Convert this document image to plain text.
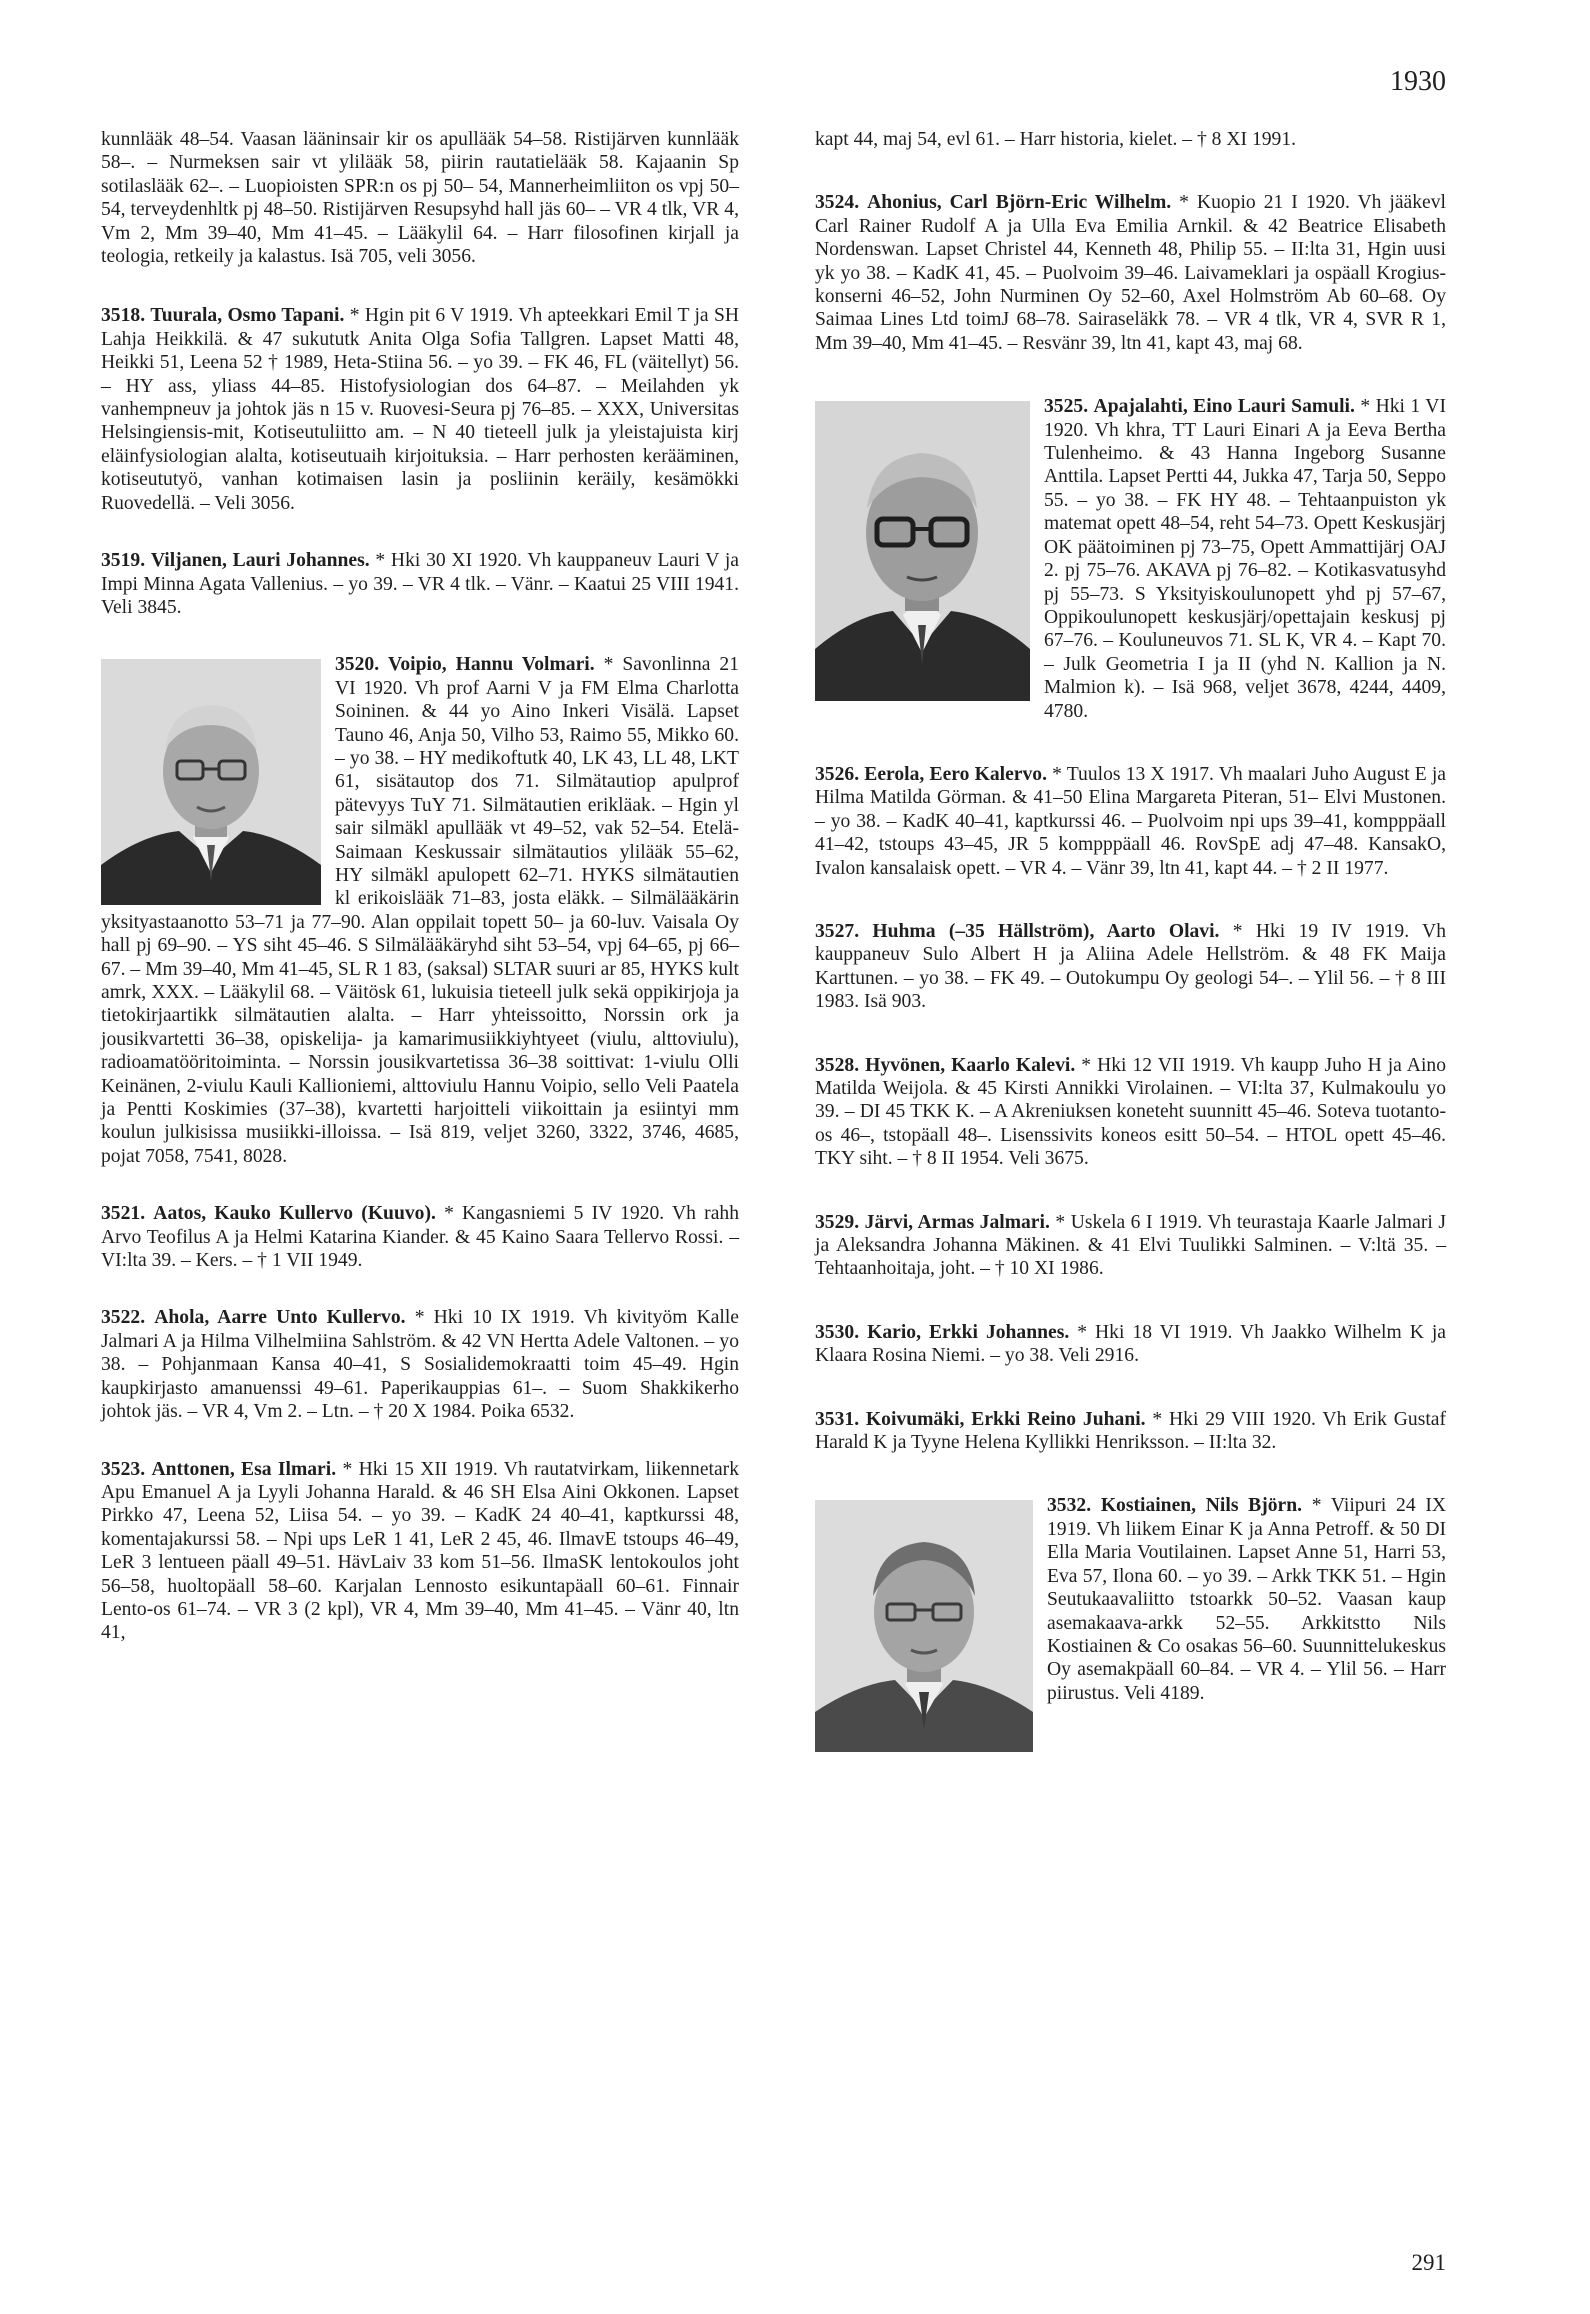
1930
kunnlääk 48–54. Vaasan lääninsair kir os apullääk 54–58. Ristijärven kunnlääk 58–. – Nurmeksen sair vt ylilääk 58, piirin rautatielääk 58. Kajaanin Sp sotilaslääk 62–. – Luopioisten SPR:n os pj 50– 54, Mannerheimliiton os vpj 50–54, terveydenhltk pj 48–50. Ristijärven Resupsyhd hall jäs 60– – VR 4 tlk, VR 4, Vm 2, Mm 39–40, Mm 41–45. – Lääkylil 64. – Harr filosofinen kirjall ja teologia, retkeily ja kalastus. Isä 705, veli 3056.
3518. Tuurala, Osmo Tapani. * Hgin pit 6 V 1919. Vh apteekkari Emil T ja SH Lahja Heikkilä. & 47 sukututk Anita Olga Sofia Tallgren. Lapset Matti 48, Heikki 51, Leena 52 † 1989, Heta-Stiina 56. – yo 39. – FK 46, FL (väitellyt) 56. – HY ass, yliass 44–85. Histofysiologian dos 64–87. – Meilahden yk vanhempneuv ja johtok jäs n 15 v. Ruovesi-Seura pj 76–85. – XXX, Universitas Helsingiensis-mit, Kotiseutuliitto am. – N 40 tieteell julk ja yleistajuista kirj eläinfysiologian alalta, kotiseutuaih kirjoituksia. – Harr perhosten kerääminen, kotiseututyö, vanhan kotimaisen lasin ja posliinin keräily, kesämökki Ruovedellä. – Veli 3056.
3519. Viljanen, Lauri Johannes. * Hki 30 XI 1920. Vh kauppaneuv Lauri V ja Impi Minna Agata Vallenius. – yo 39. – VR 4 tlk. – Vänr. – Kaatui 25 VIII 1941. Veli 3845.
3520. Voipio, Hannu Volmari. * Savonlinna 21 VI 1920. Vh prof Aarni V ja FM Elma Charlotta Soininen. & 44 yo Aino Inkeri Visälä. Lapset Tauno 46, Anja 50, Vilho 53, Raimo 55, Mikko 60. – yo 38. – HY medikoftutk 40, LK 43, LL 48, LKT 61, sisätautop dos 71. Silmätautiop apulprof pätevyys TuY 71. Silmätautien erikläak. – Hgin yl sair silmäkl apullääk vt 49–52, vak 52–54. Etelä-Saimaan Keskussair silmätautios ylilääk 55–62, HY silmäkl apulopett 62–71. HYKS silmätautien kl erikoislääk 71–83, josta eläkk. – Silmälääkärin yksityastaanotto 53–71 ja 77–90. Alan oppilait topett 50– ja 60-luv. Vaisala Oy hall pj 69–90. – YS siht 45–46. S Silmälääkäryhd siht 53–54, vpj 64–65, pj 66–67. – Mm 39–40, Mm 41–45, SL R 1 83, (saksal) SLTAR suuri ar 85, HYKS kult amrk, XXX. – Lääkylil 68. – Väitösk 61, lukuisia tieteell julk sekä oppikirjoja ja tietokirjaartikk silmätautien alalta. – Harr yhteissoitto, Norssin ork ja jousikvartetti 36–38, opiskelija- ja kamarimusiikkiyhtyeet (viulu, alttoviulu), radioamatööritoiminta. – Norssin jousikvartetissa 36–38 soittivat: 1-viulu Olli Keinänen, 2-viulu Kauli Kallioniemi, alttoviulu Hannu Voipio, sello Veli Paatela ja Pentti Koskimies (37–38), kvartetti harjoitteli viikoittain ja esiintyi mm koulun julkisissa musiikki-illoissa. – Isä 819, veljet 3260, 3322, 3746, 4685, pojat 7058, 7541, 8028.
3521. Aatos, Kauko Kullervo (Kuuvo). * Kangasniemi 5 IV 1920. Vh rahh Arvo Teofilus A ja Helmi Katarina Kiander. & 45 Kaino Saara Tellervo Rossi. – VI:lta 39. – Kers. – † 1 VII 1949.
3522. Ahola, Aarre Unto Kullervo. * Hki 10 IX 1919. Vh kivityöm Kalle Jalmari A ja Hilma Vilhelmiina Sahlström. & 42 VN Hertta Adele Valtonen. – yo 38. – Pohjanmaan Kansa 40–41, S Sosialidemokraatti toim 45–49. Hgin kaupkirjasto amanuenssi 49–61. Paperikauppias 61–. – Suom Shakkikerho johtok jäs. – VR 4, Vm 2. – Ltn. – † 20 X 1984. Poika 6532.
3523. Anttonen, Esa Ilmari. * Hki 15 XII 1919. Vh rautatvirkam, liikennetark Apu Emanuel A ja Lyyli Johanna Harald. & 46 SH Elsa Aini Okkonen. Lapset Pirkko 47, Leena 52, Liisa 54. – yo 39. – KadK 24 40–41, kaptkurssi 48, komentajakurssi 58. – Npi ups LeR 1 41, LeR 2 45, 46. IlmavE tstoups 46–49, LeR 3 lentueen päall 49–51. HävLaiv 33 kom 51–56. IlmaSK lentokoulos joht 56–58, huoltopäall 58–60. Karjalan Lennosto esikuntapäall 60–61. Finnair Lento-os 61–74. – VR 3 (2 kpl), VR 4, Mm 39–40, Mm 41–45. – Vänr 40, ltn 41,
kapt 44, maj 54, evl 61. – Harr historia, kielet. – † 8 XI 1991.
3524. Ahonius, Carl Björn-Eric Wilhelm. * Kuopio 21 I 1920. Vh jääkevl Carl Rainer Rudolf A ja Ulla Eva Emilia Arnkil. & 42 Beatrice Elisabeth Nordenswan. Lapset Christel 44, Kenneth 48, Philip 55. – II:lta 31, Hgin uusi yk yo 38. – KadK 41, 45. – Puolvoim 39–46. Laivameklari ja ospäall Krogius-konserni 46–52, John Nurminen Oy 52–60, Axel Holmström Ab 60–68. Oy Saimaa Lines Ltd toimJ 68–78. Sairaseläkk 78. – VR 4 tlk, VR 4, SVR R 1, Mm 39–40, Mm 41–45. – Resvänr 39, ltn 41, kapt 43, maj 68.
3525. Apajalahti, Eino Lauri Samuli. * Hki 1 VI 1920. Vh khra, TT Lauri Einari A ja Eeva Bertha Tulenheimo. & 43 Hanna Ingeborg Susanne Anttila. Lapset Pertti 44, Jukka 47, Tarja 50, Seppo 55. – yo 38. – FK HY 48. – Tehtaanpuiston yk matemat opett 48–54, reht 54–73. Opett Keskusjärj OK päätoiminen pj 73–75, Opett Ammattijärj OAJ 2. pj 75–76. AKAVA pj 76–82. – Kotikasvatusyhd pj 55–73. S Yksityiskoulunopett yhd pj 57–67, Oppikoulunopett keskusjärj/opettajain keskusj pj 67–76. – Kouluneuvos 71. SL K, VR 4. – Kapt 70. – Julk Geometria I ja II (yhd N. Kallion ja N. Malmion k). – Isä 968, veljet 3678, 4244, 4409, 4780.
3526. Eerola, Eero Kalervo. * Tuulos 13 X 1917. Vh maalari Juho August E ja Hilma Matilda Görman. & 41–50 Elina Margareta Piteran, 51– Elvi Mustonen. – yo 38. – KadK 40–41, kaptkurssi 46. – Puolvoim npi ups 39–41, kompppäall 41–42, tstoups 43–45, JR 5 kompppäall 46. RovSpE adj 47–48. KansakO, Ivalon kansalaisk opett. – VR 4. – Vänr 39, ltn 41, kapt 44. – † 2 II 1977.
3527. Huhma (–35 Hällström), Aarto Olavi. * Hki 19 IV 1919. Vh kauppaneuv Sulo Albert H ja Aliina Adele Hellström. & 48 FK Maija Karttunen. – yo 38. – FK 49. – Outokumpu Oy geologi 54–. – Ylil 56. – † 8 III 1983. Isä 903.
3528. Hyvönen, Kaarlo Kalevi. * Hki 12 VII 1919. Vh kaupp Juho H ja Aino Matilda Weijola. & 45 Kirsti Annikki Virolainen. – VI:lta 37, Kulmakoulu yo 39. – DI 45 TKK K. – A Akreniuksen koneteht suunnitt 45–46. Soteva tuotanto-os 46–, tstopäall 48–. Lisenssivits koneos esitt 50–54. – HTOL opett 45–46. TKY siht. – † 8 II 1954. Veli 3675.
3529. Järvi, Armas Jalmari. * Uskela 6 I 1919. Vh teurastaja Kaarle Jalmari J ja Aleksandra Johanna Mäkinen. & 41 Elvi Tuulikki Salminen. – V:ltä 35. – Tehtaanhoitaja, joht. – † 10 XI 1986.
3530. Kario, Erkki Johannes. * Hki 18 VI 1919. Vh Jaakko Wilhelm K ja Klaara Rosina Niemi. – yo 38. Veli 2916.
3531. Koivumäki, Erkki Reino Juhani. * Hki 29 VIII 1920. Vh Erik Gustaf Harald K ja Tyyne Helena Kyllikki Henriksson. – II:lta 32.
3532. Kostiainen, Nils Björn. * Viipuri 24 IX 1919. Vh liikem Einar K ja Anna Petroff. & 50 DI Ella Maria Voutilainen. Lapset Anne 51, Harri 53, Eva 57, Ilona 60. – yo 39. – Arkk TKK 51. – Hgin Seutukaavaliitto tstoarkk 50–52. Vaasan kaup asemakaava-arkk 52–55. Arkkitstto Nils Kostiainen & Co osakas 56–60. Suunnittelukeskus Oy asemakpäall 60–84. – VR 4. – Ylil 56. – Harr piirustus. Veli 4189.
291
